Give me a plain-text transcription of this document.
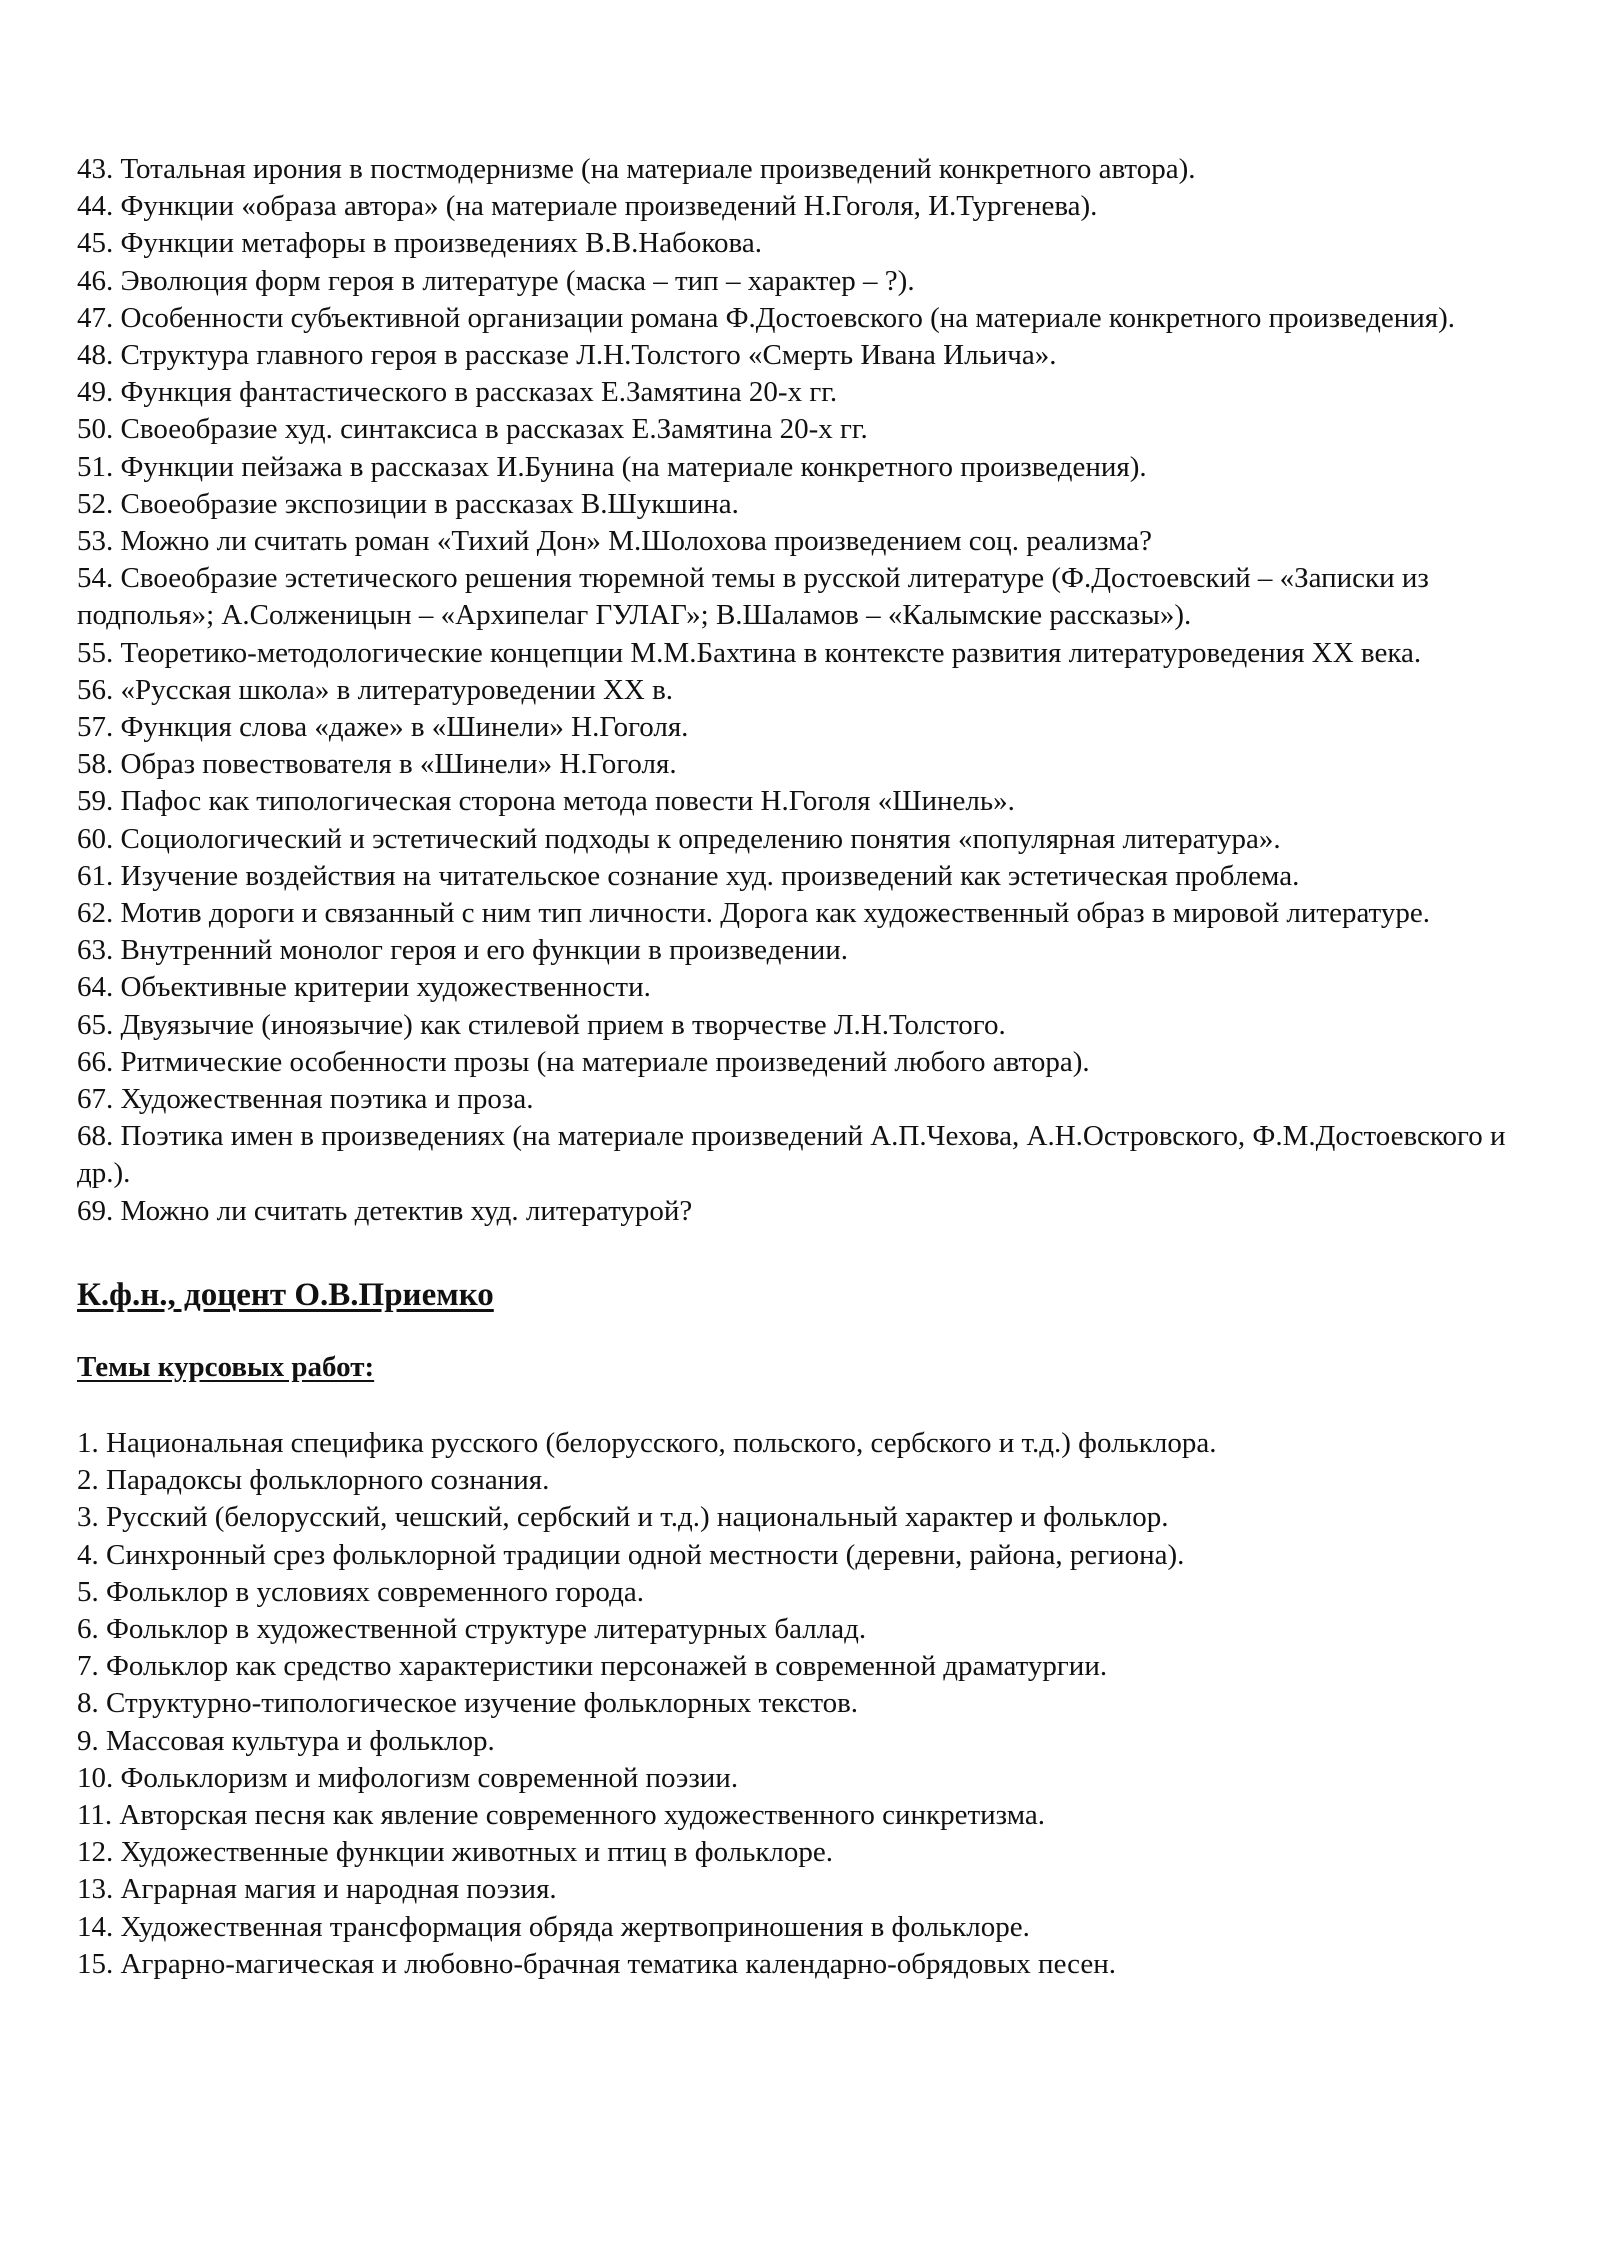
43. Тотальная ирония в постмодернизме (на материале произведений конкретного автора).
44. Функции «образа автора» (на материале произведений Н.Гоголя, И.Тургенева).
45. Функции метафоры в произведениях В.В.Набокова.
46. Эволюция форм героя в литературе (маска – тип – характер – ?).
47. Особенности субъективной организации романа Ф.Достоевского (на материале конкретного произведения).
48. Структура главного героя в рассказе Л.Н.Толстого «Смерть Ивана Ильича».
49. Функция фантастического в рассказах Е.Замятина 20-х гг.
50. Своеобразие худ. синтаксиса в рассказах Е.Замятина 20-х гг.
51. Функции пейзажа в рассказах И.Бунина (на материале конкретного произведения).
52. Своеобразие экспозиции в рассказах В.Шукшина.
53. Можно ли считать роман «Тихий Дон» М.Шолохова произведением соц. реализма?
54. Своеобразие эстетического решения тюремной темы в русской литературе (Ф.Достоевский – «Записки из подполья»; А.Солженицын – «Архипелаг ГУЛАГ»; В.Шаламов – «Калымские рассказы»).
55. Теоретико-методологические концепции М.М.Бахтина в контексте развития литературоведения XX века.
56. «Русская школа» в литературоведении XX в.
57. Функция слова «даже» в «Шинели» Н.Гоголя.
58. Образ повествователя в «Шинели» Н.Гоголя.
59. Пафос как типологическая сторона метода повести Н.Гоголя «Шинель».
60. Социологический и эстетический подходы к определению понятия «популярная литература».
61. Изучение воздействия на читательское сознание худ. произведений как эстетическая проблема.
62. Мотив дороги и связанный с ним тип личности. Дорога как художественный образ в мировой литературе.
63. Внутренний монолог героя и его функции в произведении.
64. Объективные критерии художественности.
65. Двуязычие (иноязычие) как стилевой прием в творчестве Л.Н.Толстого.
66. Ритмические особенности прозы (на материале произведений любого автора).
67. Художественная поэтика и проза.
68. Поэтика имен в произведениях (на материале произведений А.П.Чехова, А.Н.Островского, Ф.М.Достоевского и др.).
69. Можно ли считать детектив худ. литературой?
К.ф.н., доцент О.В.Приемко
Темы курсовых работ:
1. Национальная специфика русского (белорусского, польского, сербского и т.д.) фольклора.
2. Парадоксы фольклорного сознания.
3. Русский (белорусский, чешский, сербский и т.д.) национальный характер и фольклор.
4. Синхронный срез фольклорной традиции одной местности (деревни, района, региона).
5. Фольклор в условиях современного города.
6. Фольклор в художественной структуре литературных баллад.
7. Фольклор как средство характеристики персонажей в современной драматургии.
8. Структурно-типологическое изучение фольклорных текстов.
9. Массовая культура и фольклор.
10. Фольклоризм и мифологизм современной поэзии.
11. Авторская песня как явление современного художественного синкретизма.
12. Художественные функции животных и птиц в фольклоре.
13. Аграрная магия и народная поэзия.
14. Художественная трансформация обряда жертвоприношения в фольклоре.
15. Аграрно-магическая и любовно-брачная тематика календарно-обрядовых песен.
